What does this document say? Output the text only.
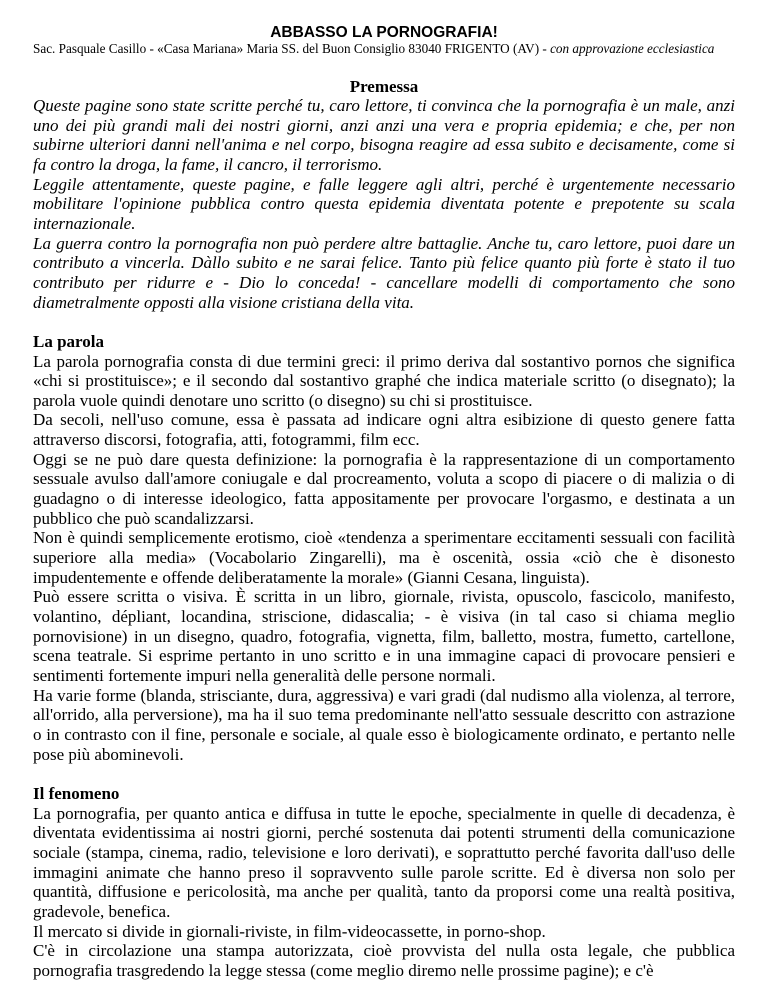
ABBASSO LA PORNOGRAFIA!
Sac. Pasquale Casillo - «Casa Mariana» Maria SS. del Buon Consiglio 83040 FRIGENTO (AV) - con approvazione ecclesiastica
Premessa

Queste pagine sono state scritte perché tu, caro lettore, ti convinca che la pornografia è un male, anzi uno dei più grandi mali dei nostri giorni, anzi anzi una vera e propria epidemia; e che, per non subirne ulteriori danni nell'anima e nel corpo, bisogna reagire ad essa subito e decisamente, come si fa contro la droga, la fame, il cancro, il terrorismo.

Leggile attentamente, queste pagine, e falle leggere agli altri, perché è urgentemente necessario mobilitare l'opinione pubblica contro questa epidemia diventata potente e prepotente su scala internazionale.

La guerra contro la pornografia non può perdere altre battaglie. Anche tu, caro lettore, puoi dare un contributo a vincerla. Dàllo subito e ne sarai felice. Tanto più felice quanto più forte è stato il tuo contributo per ridurre e - Dio lo conceda! - cancellare modelli di comportamento che sono diametralmente opposti alla visione cristiana della vita.

La parola

La parola pornografia consta di due termini greci: il primo deriva dal sostantivo pornos che significa «chi si prostituisce»; e il secondo dal sostantivo graphé che indica materiale scritto (o disegnato); la parola vuole quindi denotare uno scritto (o disegno) su chi si prostituisce.

Da secoli, nell'uso comune, essa è passata ad indicare ogni altra esibizione di questo genere fatta attraverso discorsi, fotografia, atti, fotogrammi, film ecc.

Oggi se ne può dare questa definizione: la pornografia è la rappresentazione di un comportamento sessuale avulso dall'amore coniugale e dal procreamento, voluta a scopo di piacere o di malizia o di guadagno o di interesse ideologico, fatta appositamente per provocare l'orgasmo, e destinata a un pubblico che può scandalizzarsi.

Non è quindi semplicemente erotismo, cioè «tendenza a sperimentare eccitamenti sessuali con facilità superiore alla media» (Vocabolario Zingarelli), ma è oscenità, ossia «ciò che è disonesto impudentemente e offende deliberatamente la morale» (Gianni Cesana, linguista).

Può essere scritta o visiva. È scritta in un libro, giornale, rivista, opuscolo, fascicolo, manifesto, volantino, dépliant, locandina, striscione, didascalia; - è visiva (in tal caso si chiama meglio pornovisione) in un disegno, quadro, fotografia, vignetta, film, balletto, mostra, fumetto, cartellone, scena teatrale. Si esprime pertanto in uno scritto e in una immagine capaci di provocare pensieri e sentimenti fortemente impuri nella generalità delle persone normali.

Ha varie forme (blanda, strisciante, dura, aggressiva) e vari gradi (dal nudismo alla violenza, al terrore, all'orrido, alla perversione), ma ha il suo tema predominante nell'atto sessuale descritto con astrazione o in contrasto con il fine, personale e sociale, al quale esso è biologicamente ordinato, e pertanto nelle pose più abominevoli.

Il fenomeno

La pornografia, per quanto antica e diffusa in tutte le epoche, specialmente in quelle di decadenza, è diventata evidentissima ai nostri giorni, perché sostenuta dai potenti strumenti della comunicazione sociale (stampa, cinema, radio, televisione e loro derivati), e soprattutto perché favorita dall'uso delle immagini animate che hanno preso il sopravvento sulle parole scritte. Ed è diversa non solo per quantità, diffusione e pericolosità, ma anche per qualità, tanto da proporsi come una realtà positiva, gradevole, benefica.

Il mercato si divide in giornali-riviste, in film-videocassette, in porno-shop.

C'è in circolazione una stampa autorizzata, cioè provvista del nulla osta legale, che pubblica pornografia trasgredendo la legge stessa (come meglio diremo nelle prossime pagine); e c'è
